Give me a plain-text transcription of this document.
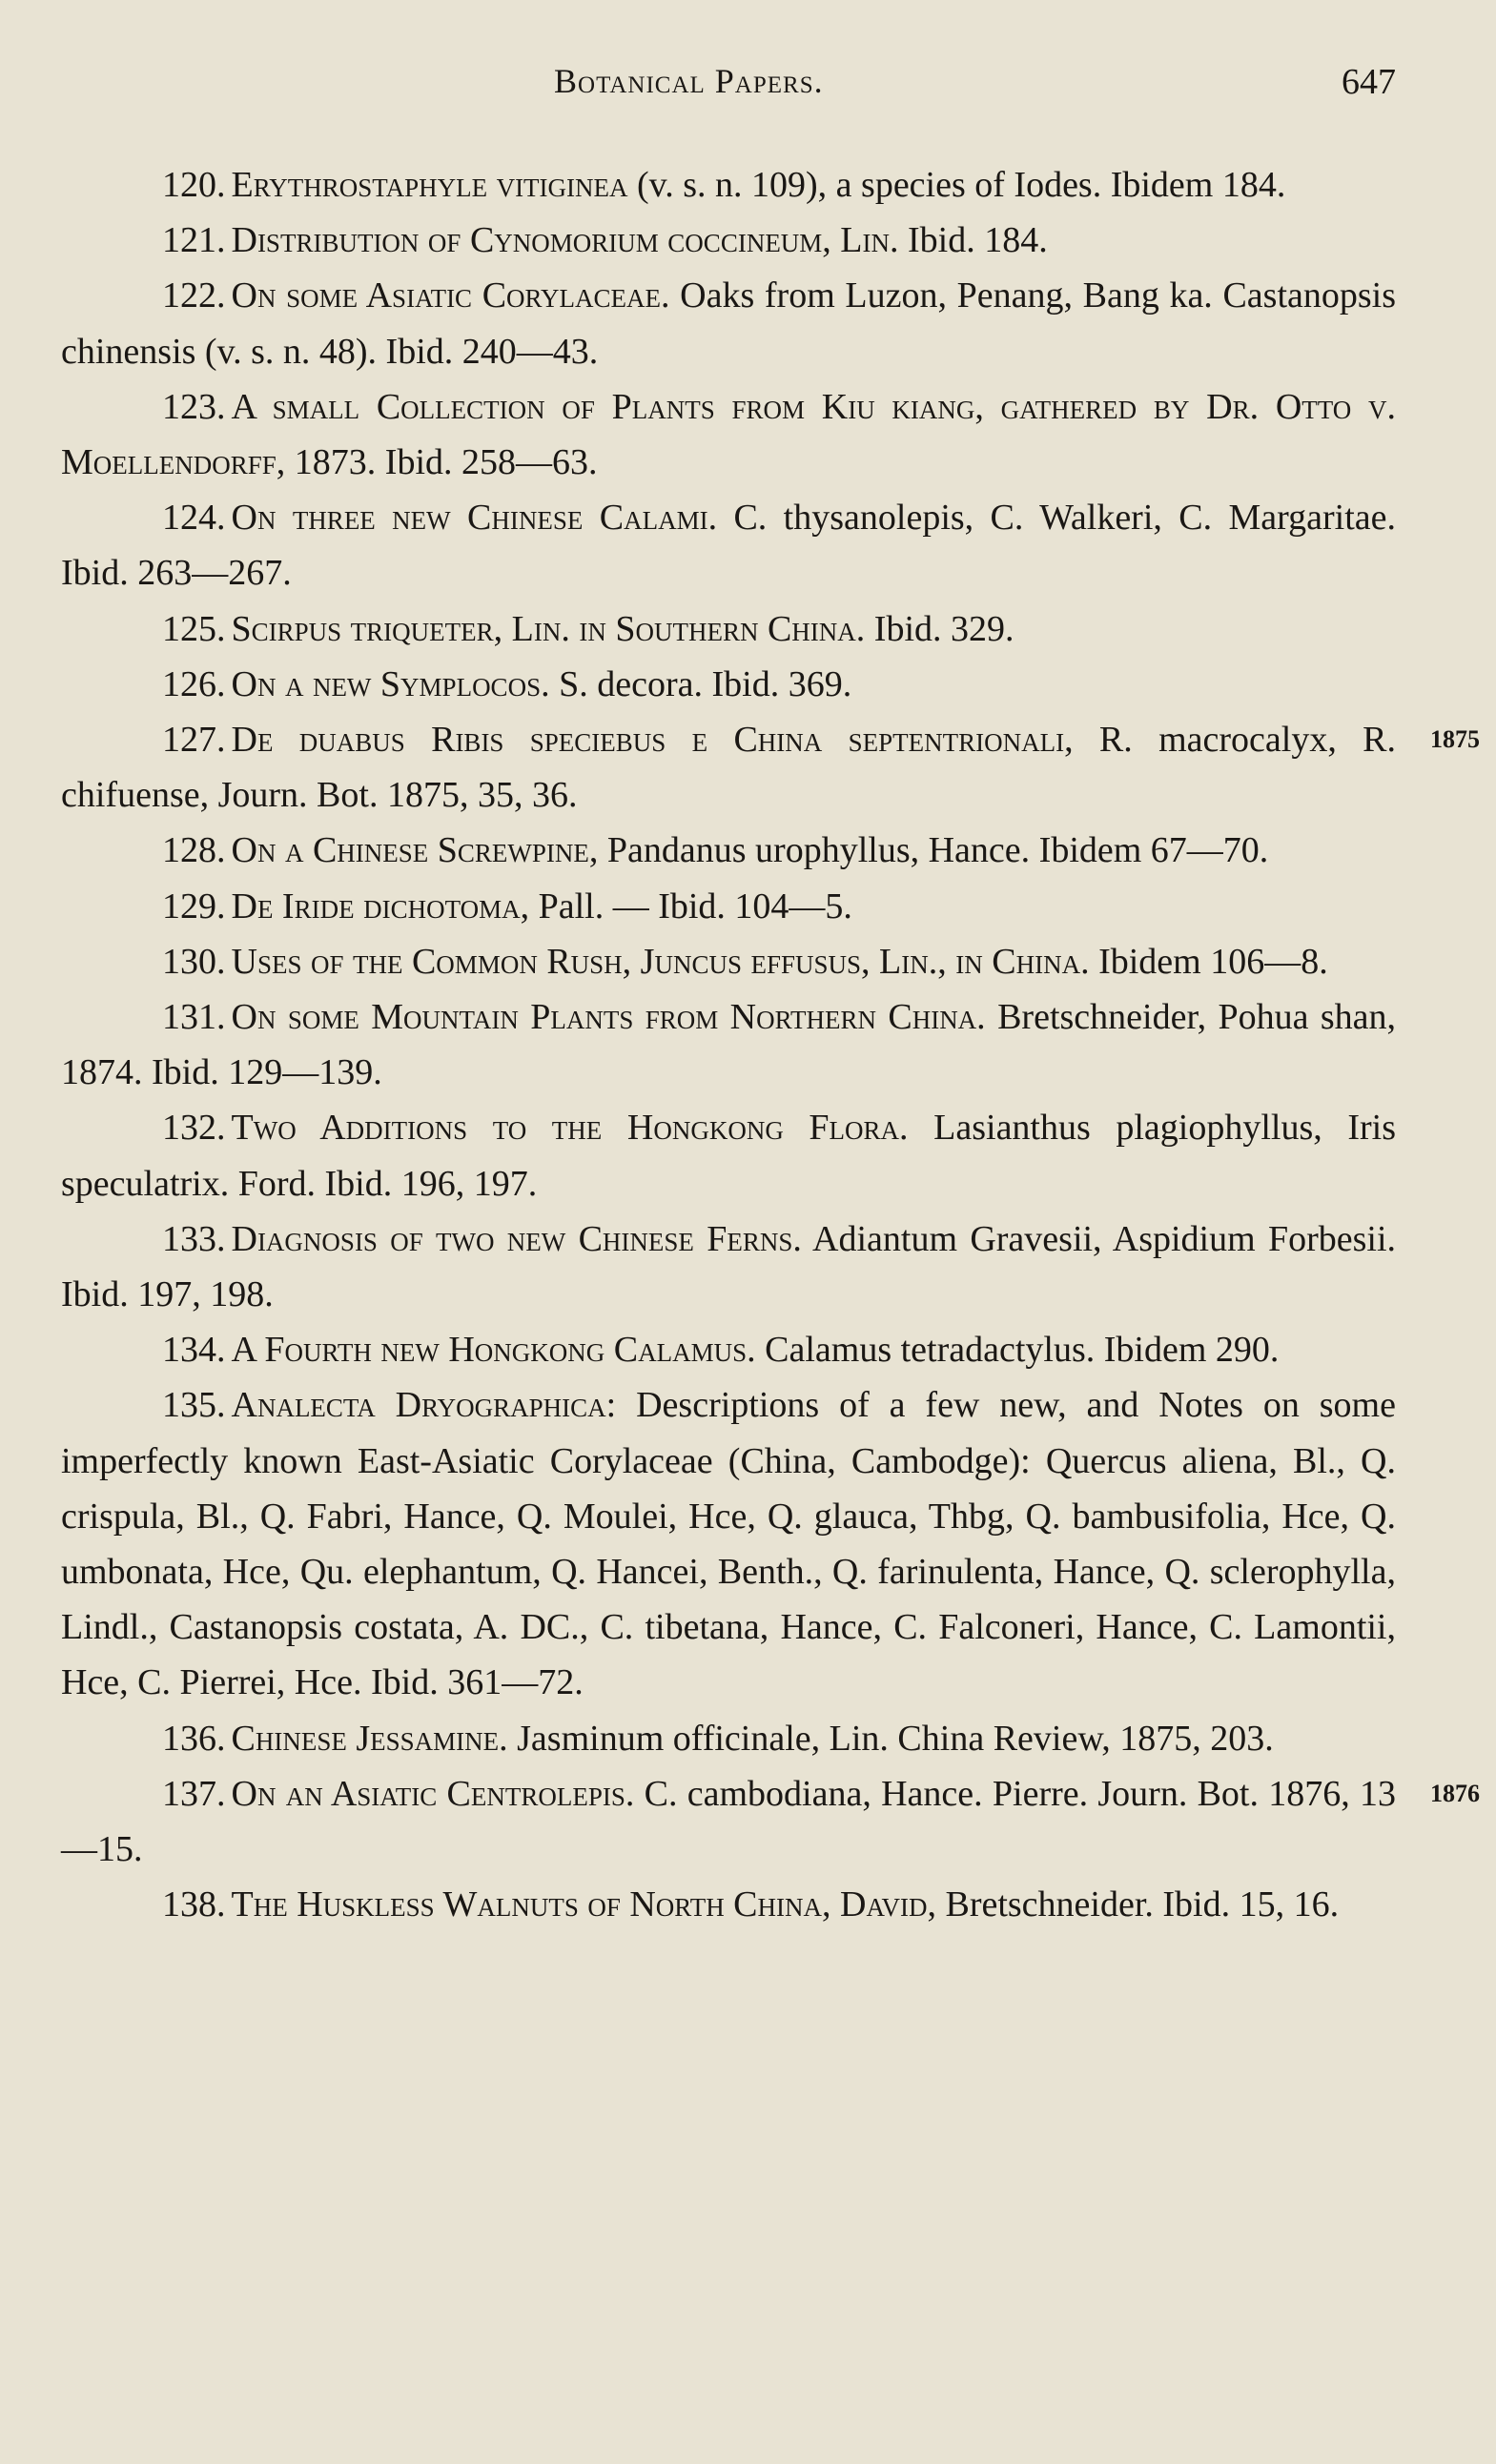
Botanical Papers.	647

120. Erythrostaphyle vitiginea (v. s. n. 109), a species of Iodes. Ibidem 184.

121. Distribution of Cynomorium coccineum, Lin. Ibid. 184.

122. On some Asiatic Corylaceae. Oaks from Luzon, Penang, Bang ka. Castanopsis chinensis (v. s. n. 48). Ibid. 240—43.

123. A small Collection of Plants from Kiu kiang, gathered by Dr. Otto v. Moellendorff, 1873. Ibid. 258—63.

124. On three new Chinese Calami. C. thysanolepis, C. Walkeri, C. Margaritae. Ibid. 263—267.

125. Scirpus triqueter, Lin. in Southern China. Ibid. 329.

126. On a new Symplocos. S. decora. Ibid. 369.

1875
127. De duabus Ribis speciebus e China septentrionali, R. macrocalyx, R. chifuense, Journ. Bot. 1875, 35, 36.

128. On a Chinese Screwpine, Pandanus urophyllus, Hance. Ibidem 67—70.

129. De Iride dichotoma, Pall. — Ibid. 104—5.

130. Uses of the Common Rush, Juncus effusus, Lin., in China. Ibidem 106—8.

131. On some Mountain Plants from Northern China. Bretschneider, Pohua shan, 1874. Ibid. 129—139.

132. Two Additions to the Hongkong Flora. Lasianthus plagiophyllus, Iris speculatrix. Ford. Ibid. 196, 197.

133. Diagnosis of two new Chinese Ferns. Adiantum Gravesii, Aspidium Forbesii. Ibid. 197, 198.

134. A Fourth new Hongkong Calamus. Calamus tetradactylus. Ibidem 290.

135. Analecta Dryographica: Descriptions of a few new, and Notes on some imperfectly known East-Asiatic Corylaceae (China, Cambodge): Quercus aliena, Bl., Q. crispula, Bl., Q. Fabri, Hance, Q. Moulei, Hce, Q. glauca, Thbg, Q. bambusifolia, Hce, Q. umbonata, Hce, Qu. elephantum, Q. Hancei, Benth., Q. farinulenta, Hance, Q. sclerophylla, Lindl., Castanopsis costata, A. DC., C. tibetana, Hance, C. Falconeri, Hance, C. Lamontii, Hce, C. Pierrei, Hce. Ibid. 361—72.

136. Chinese Jessamine. Jasminum officinale, Lin. China Review, 1875, 203.

1876
137. On an Asiatic Centrolepis. C. cambodiana, Hance. Pierre. Journ. Bot. 1876, 13—15.

138. The Huskless Walnuts of North China, David, Bretschneider. Ibid. 15, 16.
